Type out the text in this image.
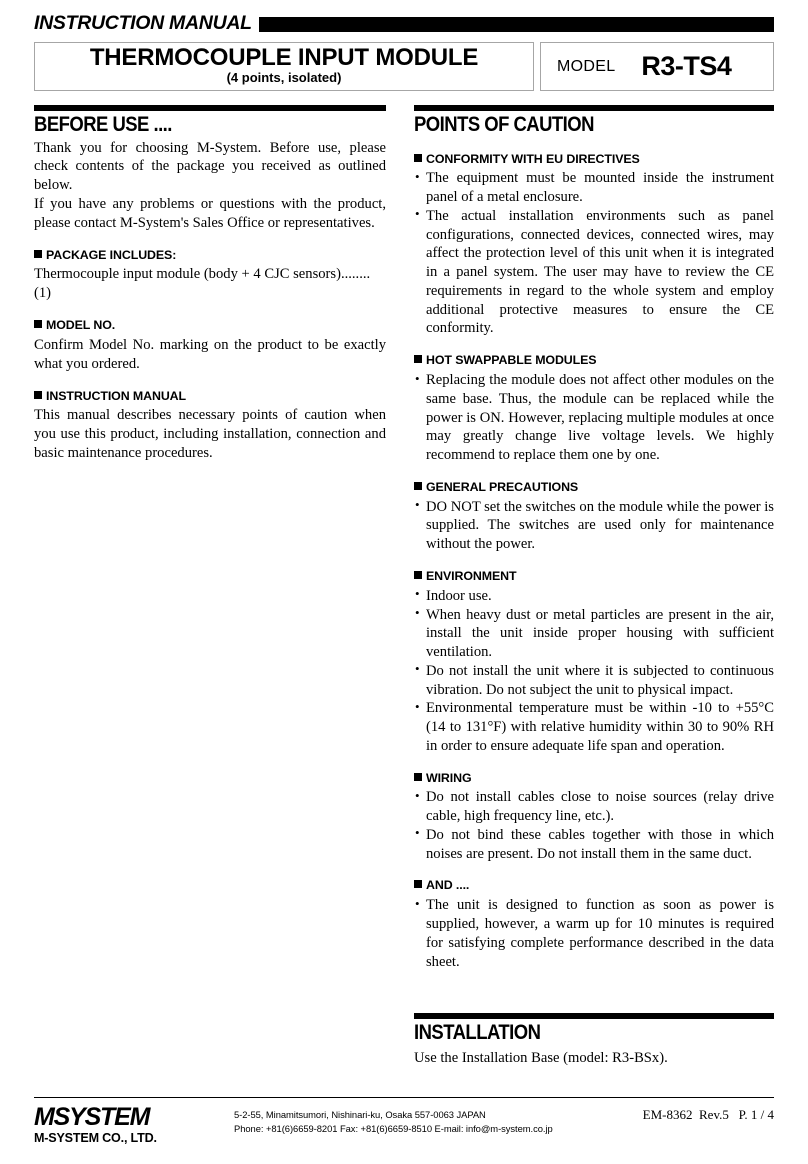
INSTRUCTION MANUAL
THERMOCOUPLE INPUT MODULE
(4 points, isolated)
MODEL R3-TS4
BEFORE USE ....

Thank you for choosing M-System. Before use, please check contents of the package you received as outlined below.

If you have any problems or questions with the product, please contact M-System's Sales Office or representatives.

PACKAGE INCLUDES:
Thermocouple input module (body + 4 CJC sensors)........(1)
MODEL NO.

Confirm Model No. marking on the product to be exactly what you ordered.

INSTRUCTION MANUAL

This manual describes necessary points of caution when you use this product, including installation, connection and basic maintenance procedures.

POINTS OF CAUTION
CONFORMITY WITH EU DIRECTIVES
• The equipment must be mounted inside the instrument panel of a metal enclosure.
• The actual installation environments such as panel configurations, connected devices, connected wires, may affect the protection level of this unit when it is integrated in a panel system. The user may have to review the CE requirements in regard to the whole system and employ additional protective measures to ensure the CE conformity.
HOT SWAPPABLE MODULES
• Replacing the module does not affect other modules on the same base. Thus, the module can be replaced while the power is ON. However, replacing multiple modules at once may greatly change live voltage levels. We highly recommend to replace them one by one.
GENERAL PRECAUTIONS
• DO NOT set the switches on the module while the power is supplied. The switches are used only for maintenance without the power.
ENVIRONMENT
• Indoor use.
• When heavy dust or metal particles are present in the air, install the unit inside proper housing with sufficient ventilation.
• Do not install the unit where it is subjected to continuous vibration. Do not subject the unit to physical impact.
• Environmental temperature must be within -10 to +55°C (14 to 131°F) with relative humidity within 30 to 90% RH in order to ensure adequate life span and operation.
WIRING
• Do not install cables close to noise sources (relay drive cable, high frequency line, etc.).
• Do not bind these cables together with those in which noises are present. Do not install them in the same duct.
AND ....
• The unit is designed to function as soon as power is supplied, however, a warm up for 10 minutes is required for satisfying complete performance described in the data sheet.
INSTALLATION

Use the Installation Base (model: R3-BSx).

MSYSTEM
M-SYSTEM CO., LTD.
5-2-55, Minamitsumori, Nishinari-ku, Osaka 557-0063 JAPAN
Phone: +81(6)6659-8201 Fax: +81(6)6659-8510 E-mail: info@m-system.co.jp
EM-8362  Rev.5   P. 1 / 4
